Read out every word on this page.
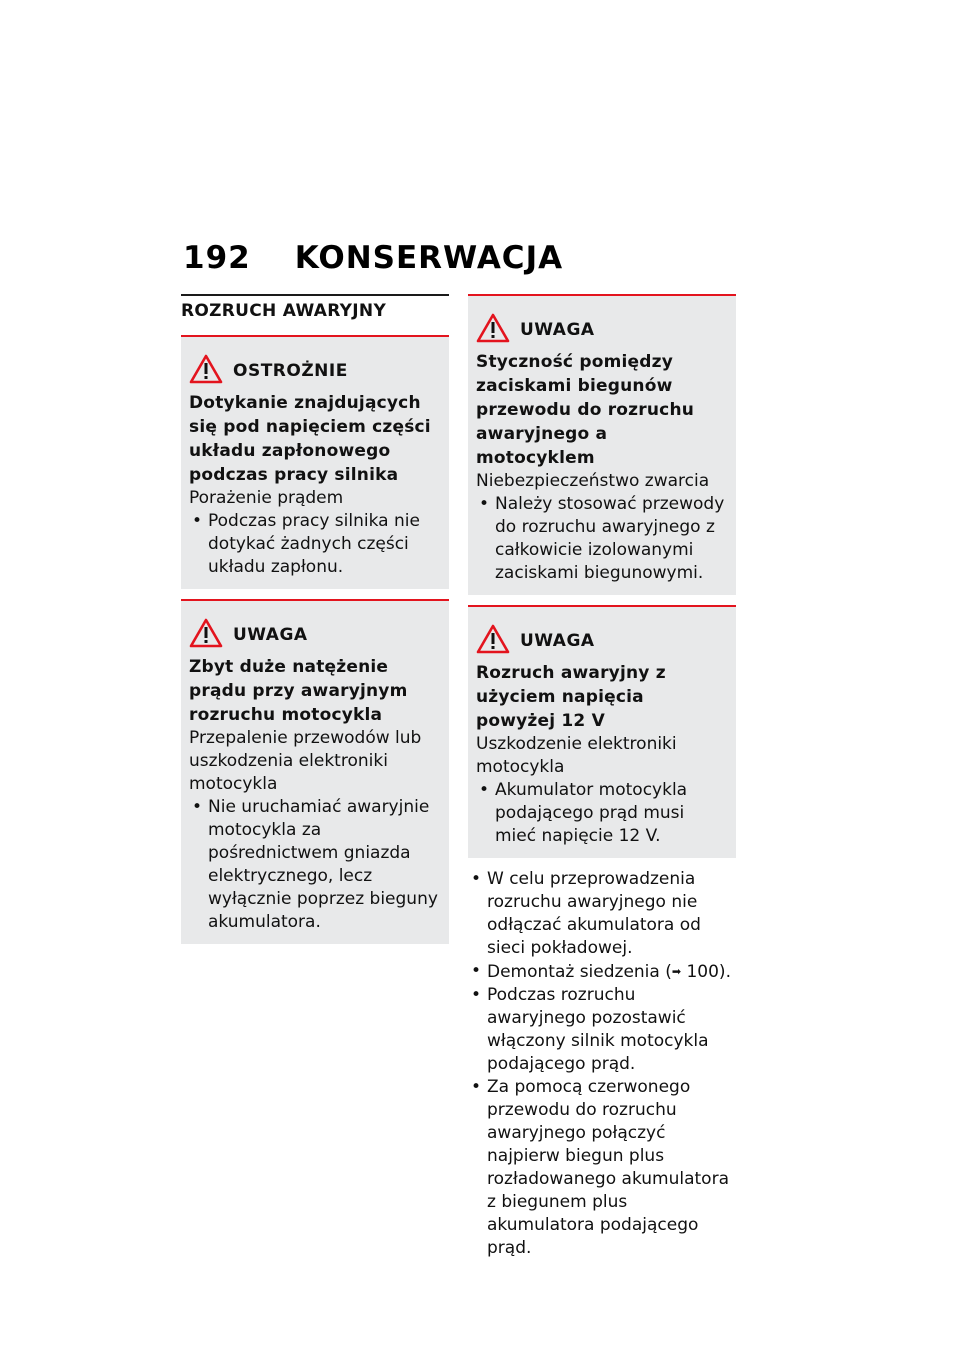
192 KONSERWACJA
ROZRUCH AWARYJNY
OSTROŻNIE
Dotykanie znajdujących się pod napięciem części układu zapłonowego podczas pracy silnika
Porażenie prądem
• Podczas pracy silnika nie dotykać żadnych części układu zapłonu.
UWAGA
Zbyt duże natężenie prądu przy awaryjnym rozruchu motocykla
Przepalenie przewodów lub uszkodzenia elektroniki motocykla
• Nie uruchamiać awaryjnie motocykla za pośrednictwem gniazda elektrycznego, lecz wyłącznie poprzez bieguny akumulatora.
UWAGA
Styczność pomiędzy zaciskami biegunów przewodu do rozruchu awaryjnego a motocyklem
Niebezpieczeństwo zwarcia
• Należy stosować przewody do rozruchu awaryjnego z całkowicie izolowanymi zaciskami biegunowymi.
UWAGA
Rozruch awaryjny z użyciem napięcia powyżej 12 V
Uszkodzenie elektroniki motocykla
• Akumulator motocykla podającego prąd musi mieć napięcie 12 V.
• W celu przeprowadzenia rozruchu awaryjnego nie odłączać akumulatora od sieci pokładowej.
• Demontaż siedzenia (➡ 100).
• Podczas rozruchu awaryjnego pozostawić włączony silnik motocykla podającego prąd.
• Za pomocą czerwonego przewodu do rozruchu awaryjnego połączyć najpierw biegun plus rozładowanego akumulatora z biegunem plus akumulatora podającego prąd.
